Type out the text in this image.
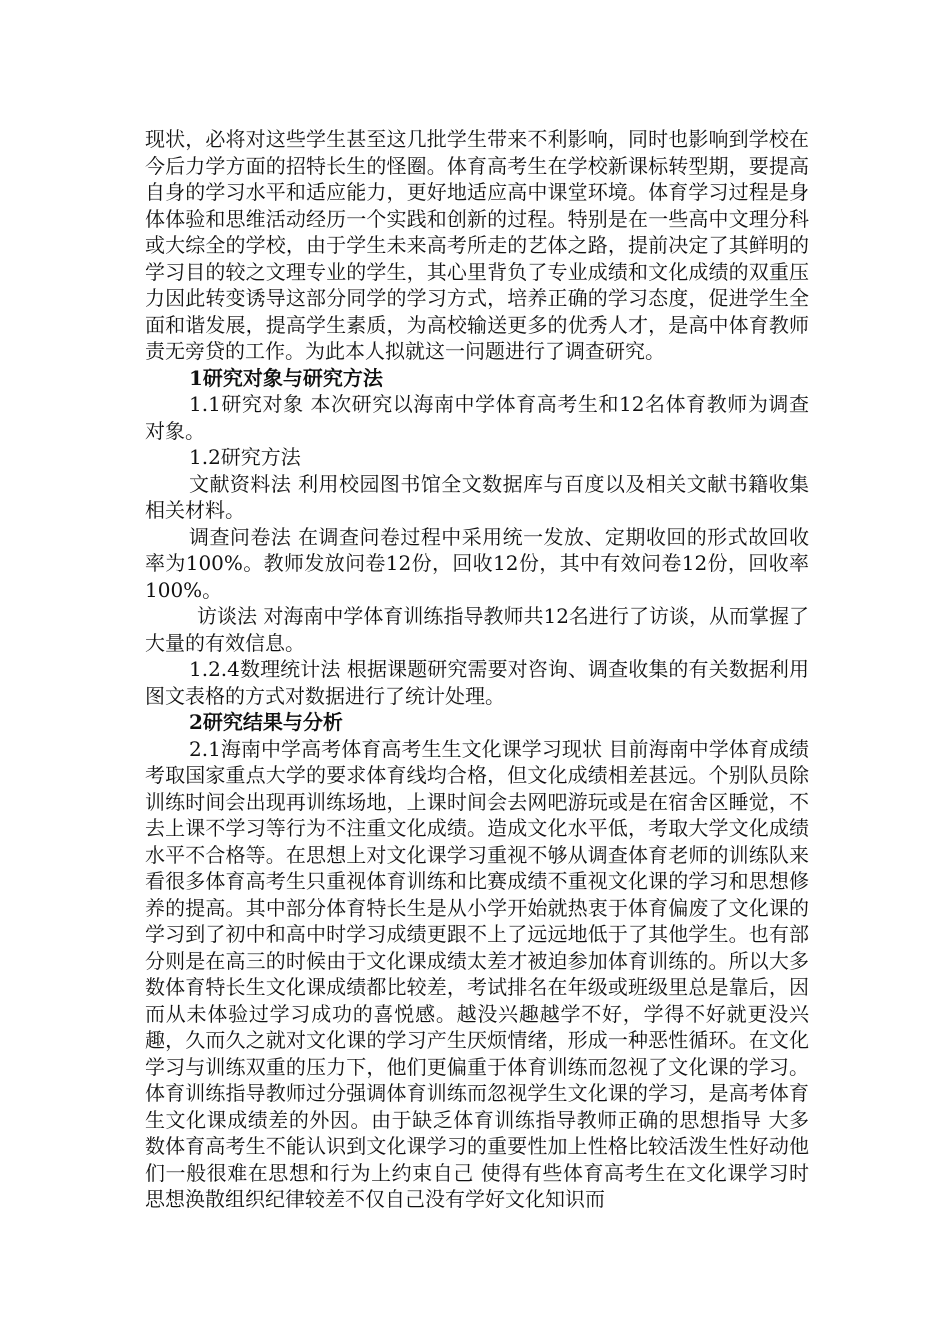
现状，必将对这些学生甚至这几批学生带来不利影响，同时也影响到学校在今后力学方面的招特长生的怪圈。体育高考生在学校新课标转型期，要提高自身的学习水平和适应能力，更好地适应高中课堂环境。体育学习过程是身体体验和思维活动经历一个实践和创新的过程。特别是在一些高中文理分科或大综全的学校，由于学生未来高考所走的艺体之路，提前决定了其鲜明的学习目的较之文理专业的学生，其心里背负了专业成绩和文化成绩的双重压力因此转变诱导这部分同学的学习方式，培养正确的学习态度，促进学生全面和谐发展，提高学生素质，为高校输送更多的优秀人才，是高中体育教师责无旁贷的工作。为此本人拟就这一问题进行了调查研究。

1研究对象与研究方法

1.1研究对象 本次研究以海南中学体育高考生和12名体育教师为调查对象。

1.2研究方法

文献资料法 利用校园图书馆全文数据库与百度以及相关文献书籍收集相关材料。

调查问卷法 在调查问卷过程中采用统一发放、定期收回的形式故回收率为100%。教师发放问卷12份，回收12份，其中有效问卷12份，回收率100%。

访谈法 对海南中学体育训练指导教师共12名进行了访谈，从而掌握了大量的有效信息。

1.2.4数理统计法 根据课题研究需要对咨询、调查收集的有关数据利用图文表格的方式对数据进行了统计处理。

2研究结果与分析

2.1海南中学高考体育高考生生文化课学习现状 目前海南中学体育成绩考取国家重点大学的要求体育线均合格，但文化成绩相差甚远。个别队员除训练时间会出现再训练场地，上课时间会去网吧游玩或是在宿舍区睡觉，不去上课不学习等行为不注重文化成绩。造成文化水平低，考取大学文化成绩水平不合格等。在思想上对文化课学习重视不够从调查体育老师的训练队来看很多体育高考生只重视体育训练和比赛成绩不重视文化课的学习和思想修养的提高。其中部分体育特长生是从小学开始就热衷于体育偏废了文化课的学习到了初中和高中时学习成绩更跟不上了远远地低于了其他学生。也有部分则是在高三的时候由于文化课成绩太差才被迫参加体育训练的。所以大多数体育特长生文化课成绩都比较差，考试排名在年级或班级里总是靠后，因而从未体验过学习成功的喜悦感。越没兴趣越学不好，学得不好就更没兴趣，久而久之就对文化课的学习产生厌烦情绪，形成一种恶性循环。在文化学习与训练双重的压力下，他们更偏重于体育训练而忽视了文化课的学习。体育训练指导教师过分强调体育训练而忽视学生文化课的学习，是高考体育生文化课成绩差的外因。由于缺乏体育训练指导教师正确的思想指导 大多数体育高考生不能认识到文化课学习的重要性加上性格比较活泼生性好动他们一般很难在思想和行为上约束自己 使得有些体育高考生在文化课学习时思想涣散组织纪律较差不仅自己没有学好文化知识而
